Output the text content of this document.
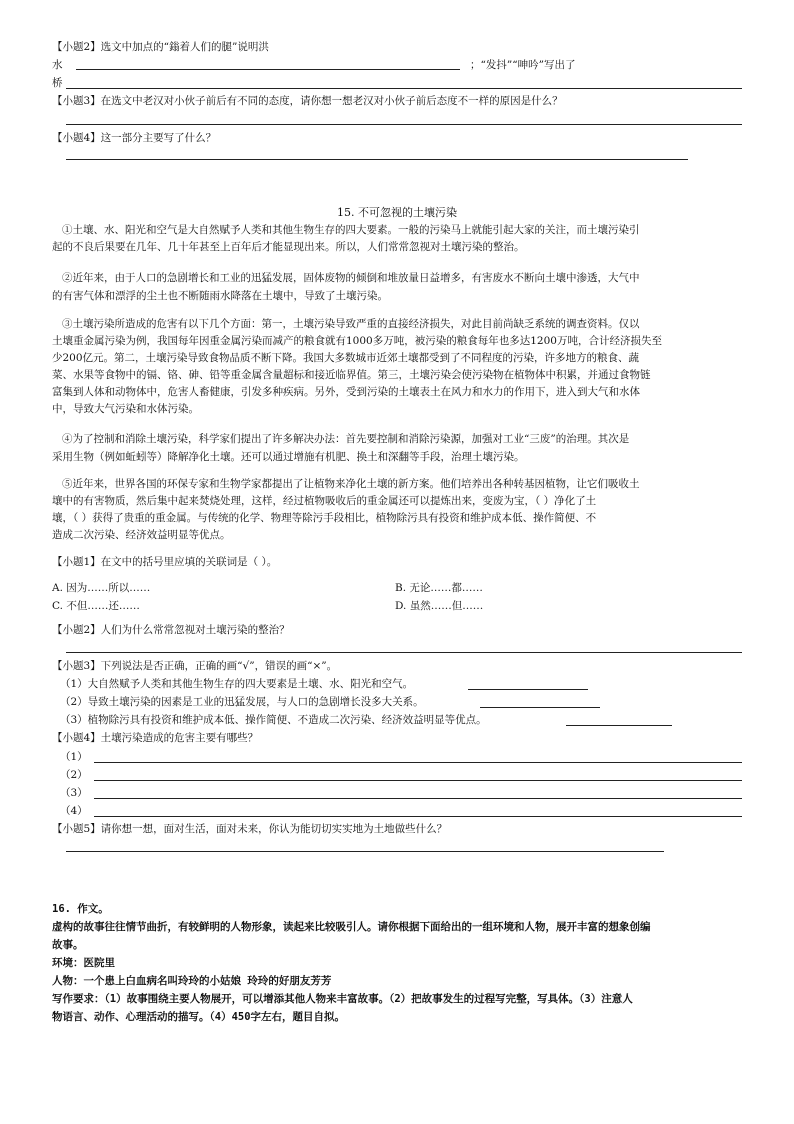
【小题2】选文中加点的“鎓着人们的腿”说明洪
水	；“发抖”“呻吟”写出了
桥
【小题3】在选文中老汉对小伙子前后有不同的态度，请你想一想老汉对小伙子前后态度不一样的原因是什么？
【小题4】这一部分主要写了什么？
15. 不可忽视的土壤污染
①土壤、水、阳光和空气是大自然赋予人类和其他生物生存的四大要素。一般的污染马上就能引起大家的关注，而土壤污染引
起的不良后果要在几年、几十年甚至上百年后才能显现出来。所以，人们常常忽视对土壤污染的整治。
②近年来，由于人口的急剧增长和工业的迅猛发展，固体废物的倾倒和堆放量日益增多，有害废水不断向土壤中渗透，大气中
的有害气体和漂浮的尘土也不断随雨水降落在土壤中，导致了土壤污染。
③土壤污染所造成的危害有以下几个方面：第一，土壤污染导致严重的直接经济损失，对此目前尚缺乏系统的调查资料。仅以
土壤重金属污染为例，我国每年因重金属污染而减产的粮食就有1000多万吨，被污染的粮食每年也多达1200万吨，合计经济损失至
少200亿元。第二，土壤污染导致食物品质不断下降。我国大多数城市近郊土壤都受到了不同程度的污染，许多地方的粮食、蔬
菜、水果等食物中的镉、铬、砷、铅等重金属含量超标和接近临界值。第三，土壤污染会使污染物在植物体中积累，并通过食物链
富集到人体和动物体中，危害人畜健康，引发多种疾病。另外，受到污染的土壤表土在风力和水力的作用下，进入到大气和水体
中，导致大气污染和水体污染。
④为了控制和消除土壤污染，科学家们提出了许多解决办法：首先要控制和消除污染源，加强对工业“三废”的治理。其次是
采用生物（例如蚯蚓等）降解净化土壤。还可以通过增施有机肥、换土和深翻等手段，治理土壤污染。
⑤近年来，世界各国的环保专家和生物学家都提出了让植物来净化土壤的新方案。他们培养出各种转基因植物，让它们吸收土
壤中的有害物质，然后集中起来焚烧处理，这样，经过植物吸收后的重金属还可以提炼出来，变废为宝，（ ）净化了土
壤，（ ）获得了贵重的重金属。与传统的化学、物理等除污手段相比，植物除污具有投资和维护成本低、操作简便、不
造成二次污染、经济效益明显等优点。
【小题1】在文中的括号里应填的关联词是（ ）。
A. 因为……所以……	B. 无论……都……
C. 不但……还……	D. 虽然……但……
【小题2】人们为什么常常忽视对土壤污染的整治？
【小题3】下列说法是否正确，正确的画“√”，错误的画“×”。
（1）大自然赋予人类和其他生物生存的四大要素是土壤、水、阳光和空气。
（2）导致土壤污染的因素是工业的迅猛发展，与人口的急剧增长没多大关系。
（3）植物除污具有投资和维护成本低、操作简便、不造成二次污染、经济效益明显等优点。
【小题4】土壤污染造成的危害主要有哪些？
（1）
（2）
（3）
（4）
【小题5】请你想一想，面对生活，面对未来，你认为能切切实实地为土地做些什么？
16. 作文。
虚构的故事往往情节曲折，有较鲜明的人物形象，读起来比较吸引人。请你根据下面给出的一组环境和人物，展开丰富的想象创编
故事。
环境：医院里
人物：一个患上白血病名叫玲玲的小姑娘 玲玲的好朋友芳芳
写作要求：（1）故事围绕主要人物展开，可以增添其他人物来丰富故事。（2）把故事发生的过程写完整，写具体。（3）注意人
物语言、动作、心理活动的描写。（4）450字左右，题目自拟。
